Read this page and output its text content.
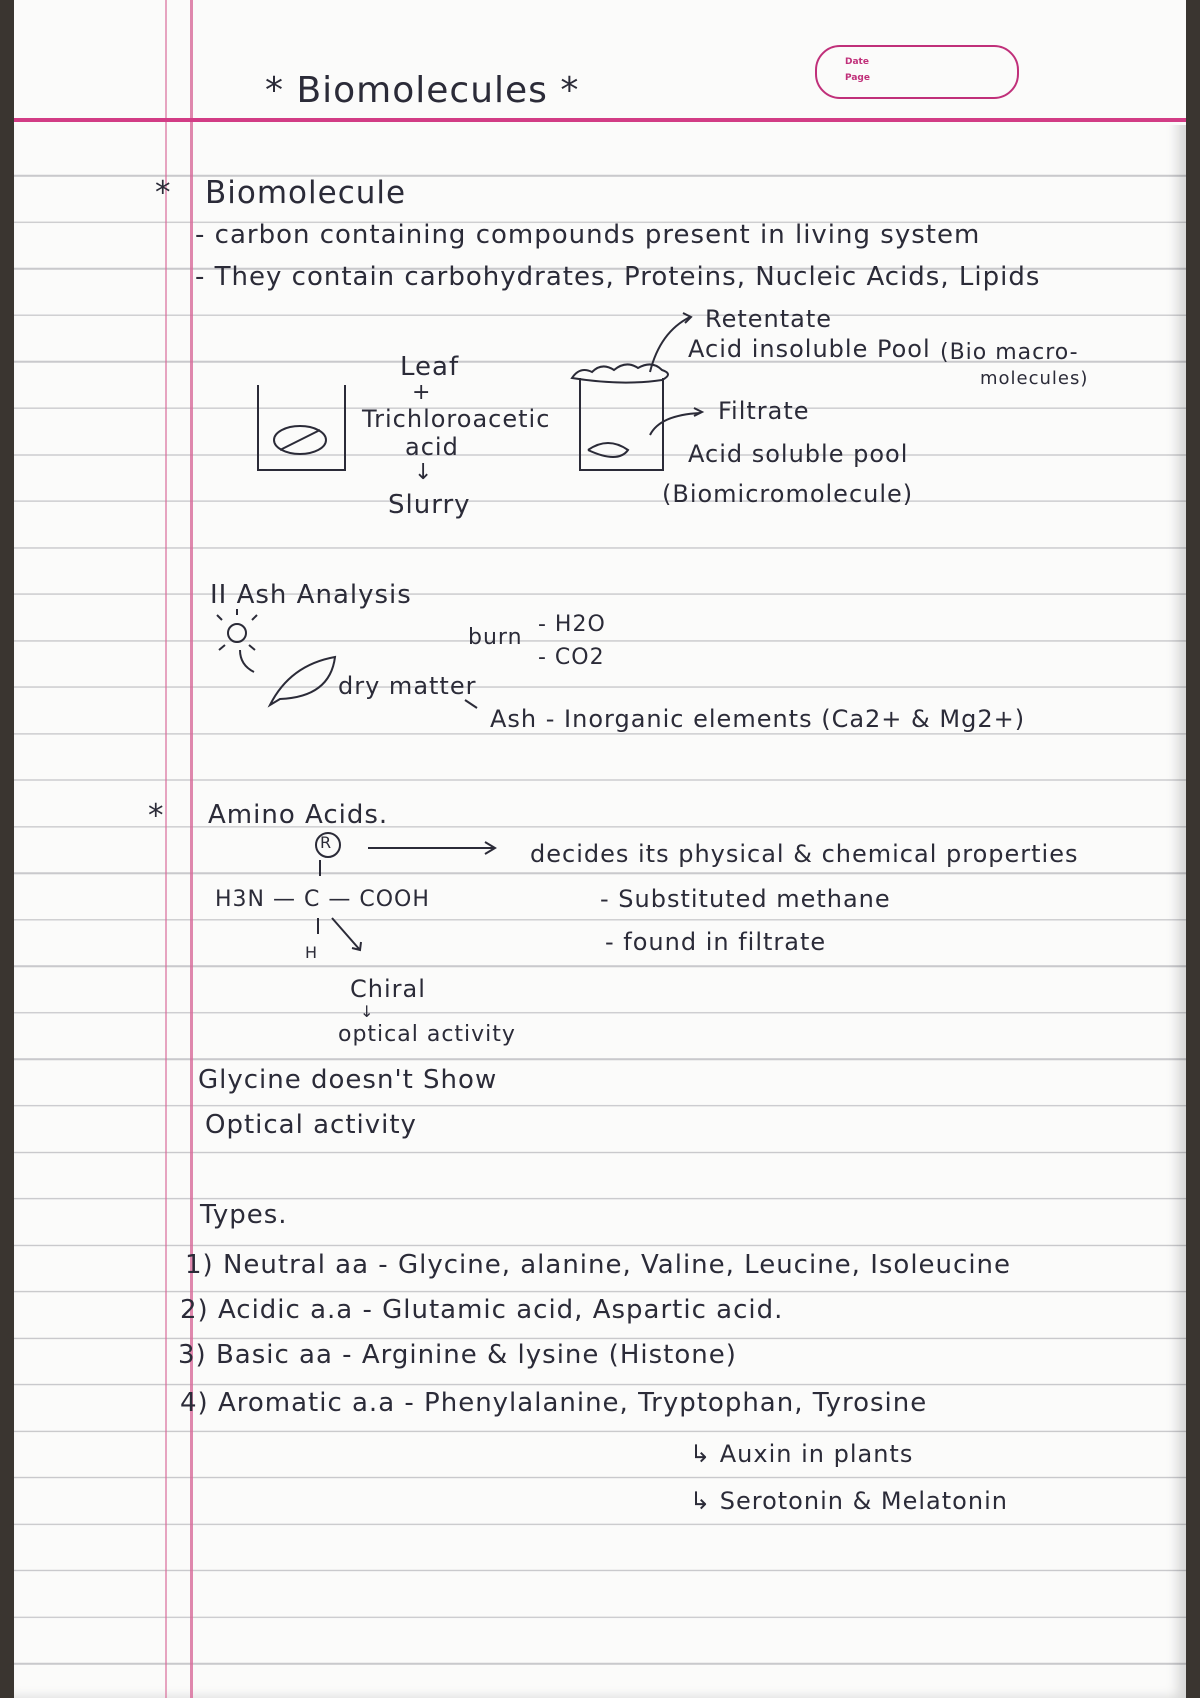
Date
Page
* Biomolecules *
* Biomolecule
- carbon containing compounds present in living system
- They contain carbohydrates, Proteins, Nucleic Acids, Lipids
Leaf
+
Trichloroacetic
acid
↓
Slurry
Retentate
Acid insoluble Pool (Bio macro-
molecules)
Filtrate
Acid soluble pool
(Biomicromolecule)
II Ash Analysis
burn
- H2O
- CO2
dry matter
Ash - Inorganic elements (Ca2+ & Mg2+)
* Amino Acids.
R	decides its physical & chemical properties
H3N — C — COOH
H
- Substituted methane
- found in filtrate
Chiral
↓
optical activity
Glycine doesn't Show
Optical activity
Types.
1) Neutral aa - Glycine, alanine, Valine, Leucine, Isoleucine
2) Acidic a.a - Glutamic acid, Aspartic acid.
3) Basic aa - Arginine & lysine (Histone)
4) Aromatic a.a - Phenylalanine, Tryptophan, Tyrosine
↳ Auxin in plants
↳ Serotonin & Melatonin
